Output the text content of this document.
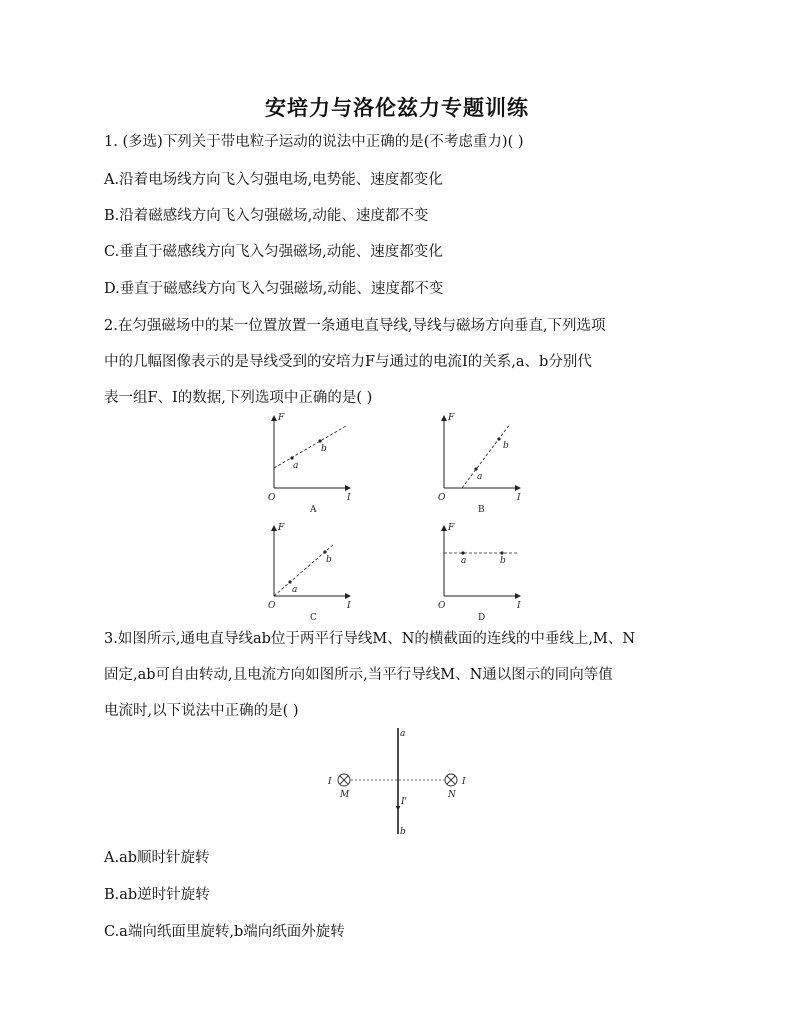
安培力与洛伦兹力专题训练
1. (多选)下列关于带电粒子运动的说法中正确的是(不考虑重力)( )
A.沿着电场线方向飞入匀强电场,电势能、速度都变化
B.沿着磁感线方向飞入匀强磁场,动能、速度都不变
C.垂直于磁感线方向飞入匀强磁场,动能、速度都变化
D.垂直于磁感线方向飞入匀强磁场,动能、速度都不变
2.在匀强磁场中的某一位置放置一条通电直导线,导线与磁场方向垂直,下列选项
中的几幅图像表示的是导线受到的安培力F与通过的电流I的关系,a、b分别代
表一组F、I的数据,下列选项中正确的是( )
F
I
O
a
b
A
F
I
O
a
b
B
F
I
O
a
b
C
F
I
O
a	b
D
3.如图所示,通电直导线ab位于两平行导线M、N的横截面的连线的中垂线上,M、N
固定,ab可自由转动,且电流方向如图所示,当平行导线M、N通以图示的同向等值
电流时,以下说法中正确的是( )
a
b
I'
I
M
I
N
A.ab顺时针旋转
B.ab逆时针旋转
C.a端向纸面里旋转,b端向纸面外旋转
